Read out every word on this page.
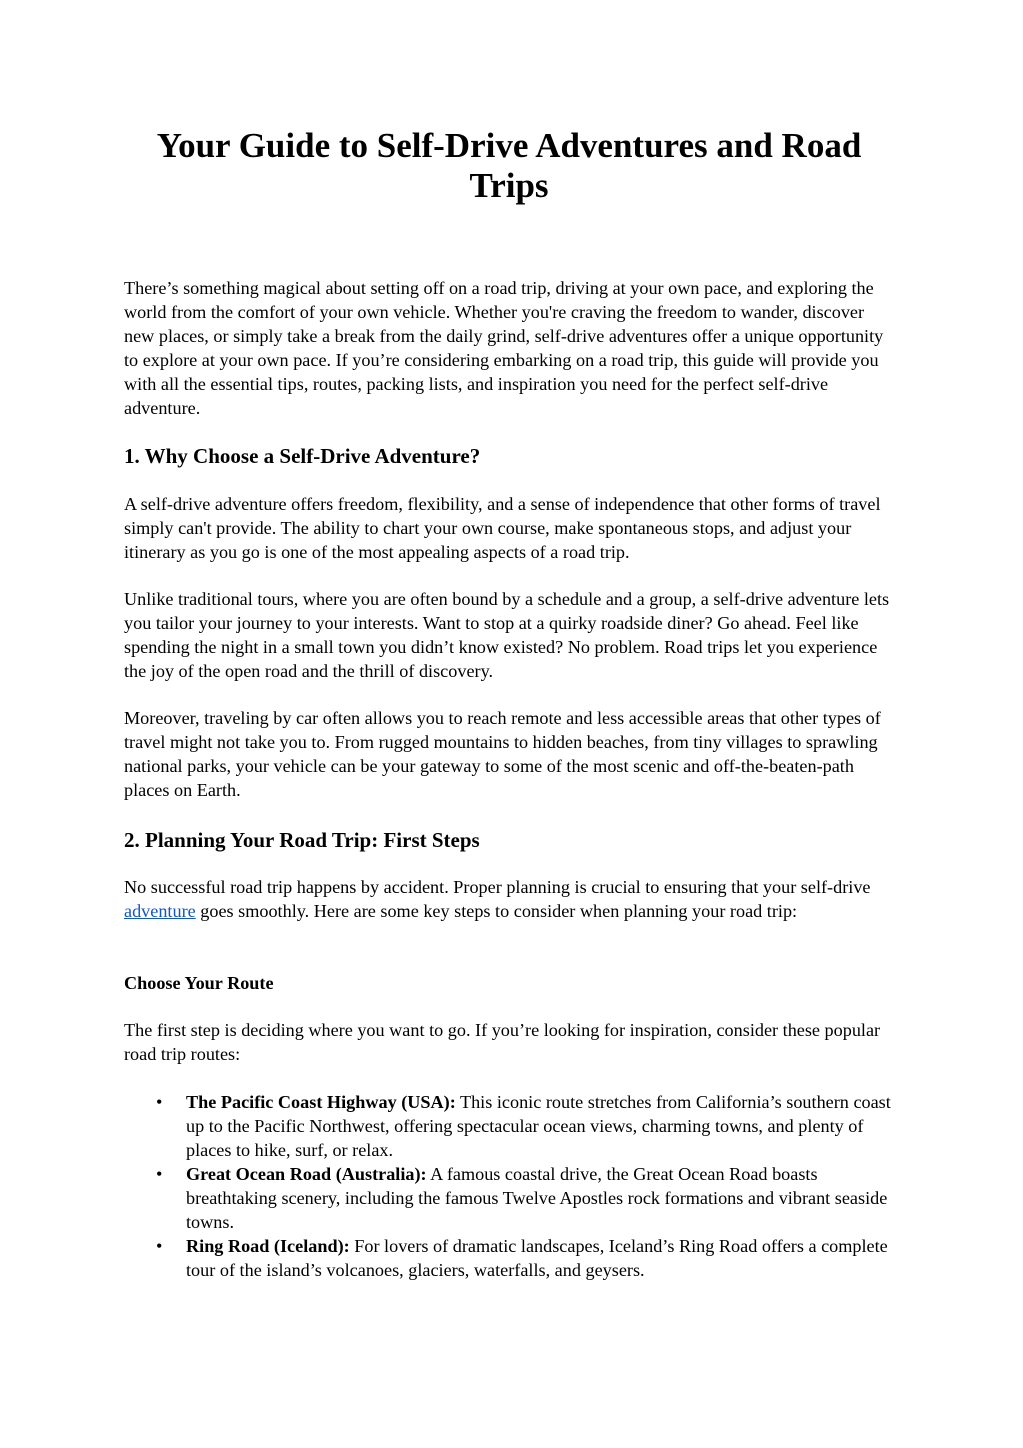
Your Guide to Self-Drive Adventures and Road Trips

There’s something magical about setting off on a road trip, driving at your own pace, and exploring the world from the comfort of your own vehicle. Whether you're craving the freedom to wander, discover new places, or simply take a break from the daily grind, self-drive adventures offer a unique opportunity to explore at your own pace. If you’re considering embarking on a road trip, this guide will provide you with all the essential tips, routes, packing lists, and inspiration you need for the perfect self-drive adventure.

1. Why Choose a Self-Drive Adventure?

A self-drive adventure offers freedom, flexibility, and a sense of independence that other forms of travel simply can't provide. The ability to chart your own course, make spontaneous stops, and adjust your itinerary as you go is one of the most appealing aspects of a road trip.

Unlike traditional tours, where you are often bound by a schedule and a group, a self-drive adventure lets you tailor your journey to your interests. Want to stop at a quirky roadside diner? Go ahead. Feel like spending the night in a small town you didn’t know existed? No problem. Road trips let you experience the joy of the open road and the thrill of discovery.

Moreover, traveling by car often allows you to reach remote and less accessible areas that other types of travel might not take you to. From rugged mountains to hidden beaches, from tiny villages to sprawling national parks, your vehicle can be your gateway to some of the most scenic and off-the-beaten-path places on Earth.

2. Planning Your Road Trip: First Steps

No successful road trip happens by accident. Proper planning is crucial to ensuring that your self-drive adventure goes smoothly. Here are some key steps to consider when planning your road trip:

Choose Your Route

The first step is deciding where you want to go. If you’re looking for inspiration, consider these popular road trip routes:

• The Pacific Coast Highway (USA): This iconic route stretches from California’s southern coast up to the Pacific Northwest, offering spectacular ocean views, charming towns, and plenty of places to hike, surf, or relax.
• Great Ocean Road (Australia): A famous coastal drive, the Great Ocean Road boasts breathtaking scenery, including the famous Twelve Apostles rock formations and vibrant seaside towns.
• Ring Road (Iceland): For lovers of dramatic landscapes, Iceland’s Ring Road offers a complete tour of the island’s volcanoes, glaciers, waterfalls, and geysers.
